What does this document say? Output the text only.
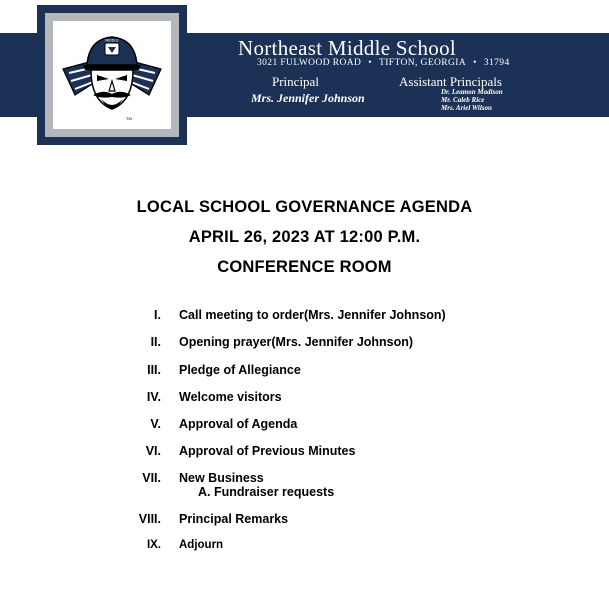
MIDDLE
TM
Northeast Middle School
3021 FULWOOD ROAD • TIFTON, GEORGIA • 31794
Principal
Mrs. Jennifer Johnson
Assistant Principals
Dr. Leamon Madison
Mr. Caleb Rice
Mrs. Ariel Wilson
LOCAL SCHOOL GOVERNANCE AGENDA
APRIL 26, 2023 AT 12:00 P.M.
CONFERENCE ROOM
I. Call meeting to order(Mrs. Jennifer Johnson)
II. Opening prayer(Mrs. Jennifer Johnson)
III. Pledge of Allegiance
IV. Welcome visitors
V. Approval of Agenda
VI. Approval of Previous Minutes
VII. New Business
A. Fundraiser requests
VIII. Principal Remarks
IX. Adjourn
